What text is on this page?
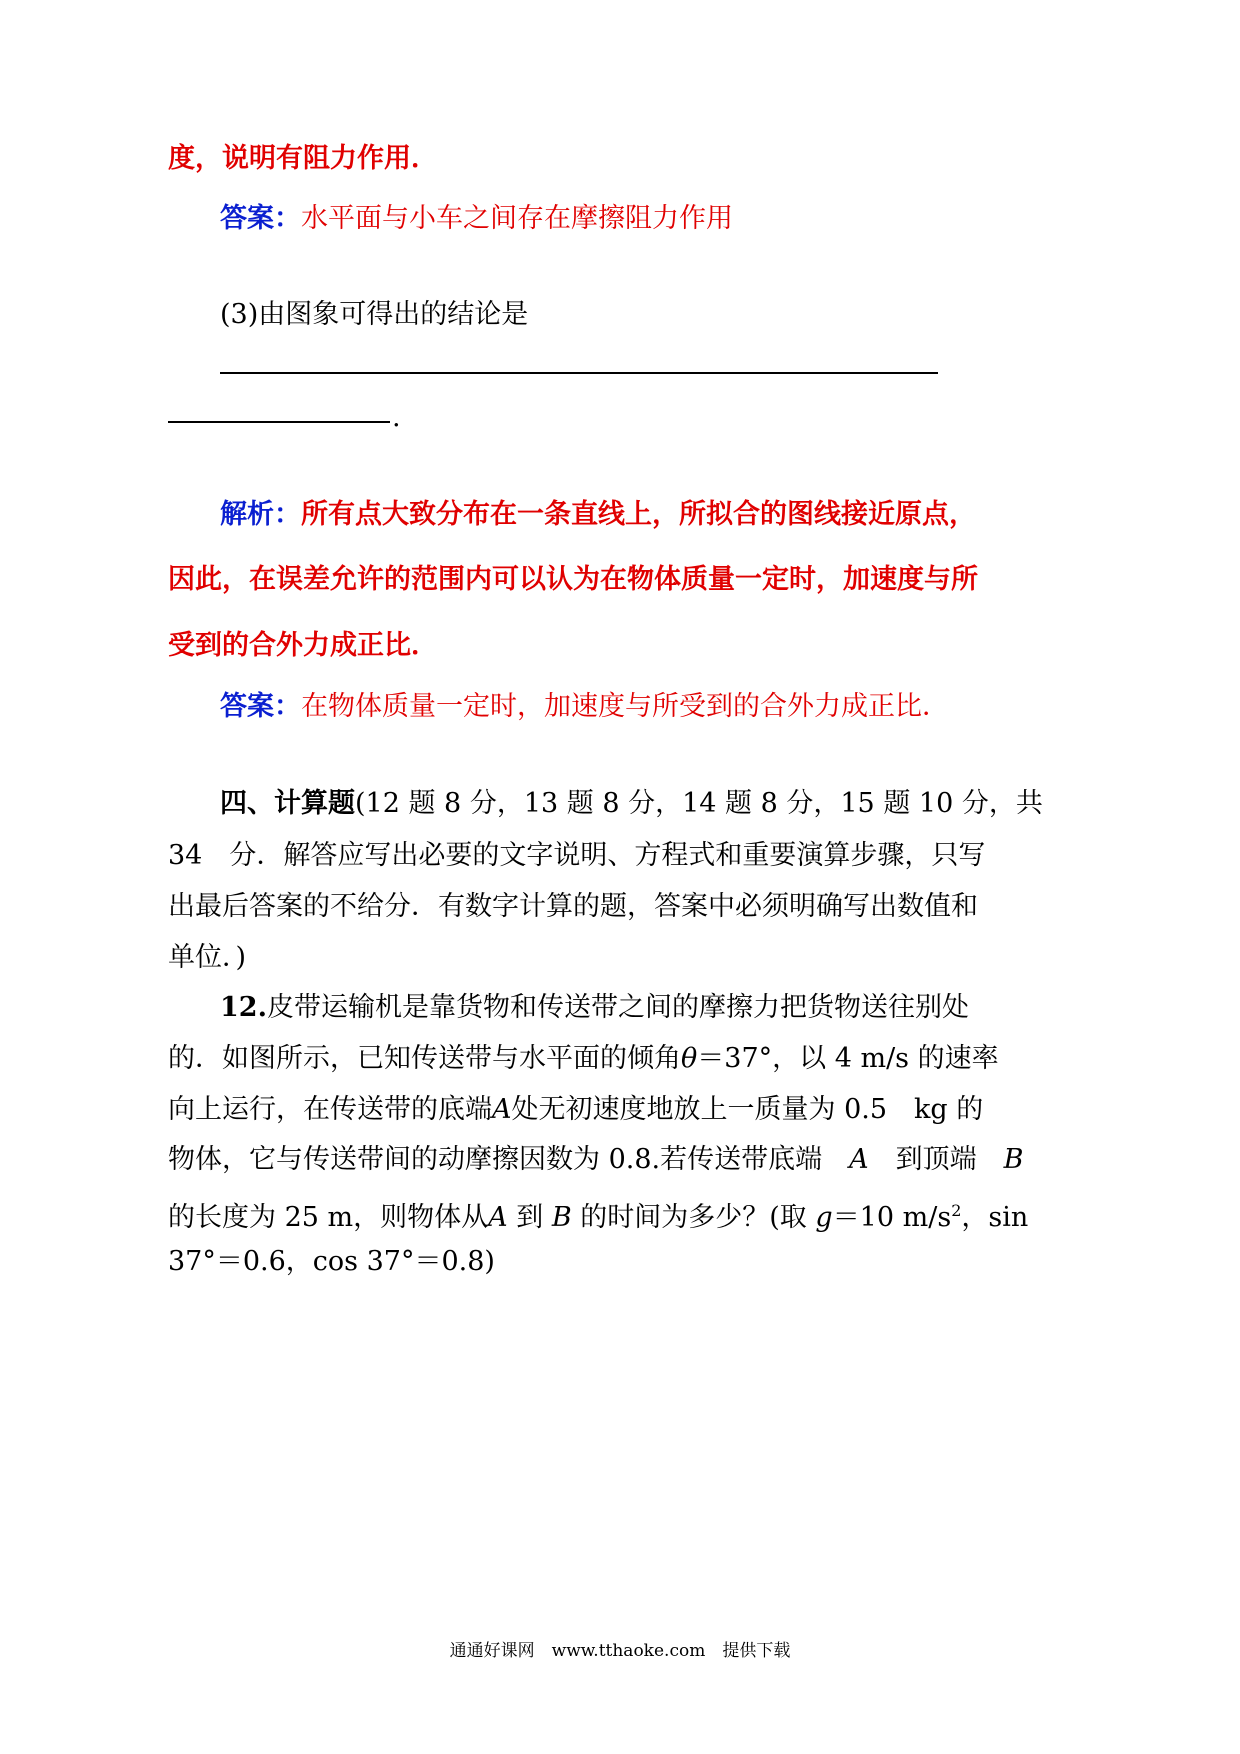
度，说明有阻力作用．
答案：水平面与小车之间存在摩擦阻力作用
(3)由图象可得出的结论是
.
解析：所有点大致分布在一条直线上，所拟合的图线接近原点，
因此，在误差允许的范围内可以认为在物体质量一定时，加速度与所
受到的合外力成正比．
答案：在物体质量一定时，加速度与所受到的合外力成正比．
四、计算题(12 题 8 分，13 题 8 分，14 题 8 分，15 题 10 分，共
34　分．解答应写出必要的文字说明、方程式和重要演算步骤，只写
出最后答案的不给分．有数字计算的题，答案中必须明确写出数值和
单位．)
12.皮带运输机是靠货物和传送带之间的摩擦力把货物送往别处
的．如图所示，已知传送带与水平面的倾角θ＝37°，以 4 m/s 的速率
向上运行，在传送带的底端A处无初速度地放上一质量为 0.5　kg 的
物体，它与传送带间的动摩擦因数为 0.8.若传送带底端　 A　 到顶端　 B
的长度为 25 m，则物体从A 到 B 的时间为多少？(取 g＝10 $m/s^2$，sin
37°＝0.6，cos 37°＝0.8)
通通好课网　www.tthaoke.com　提供下载
